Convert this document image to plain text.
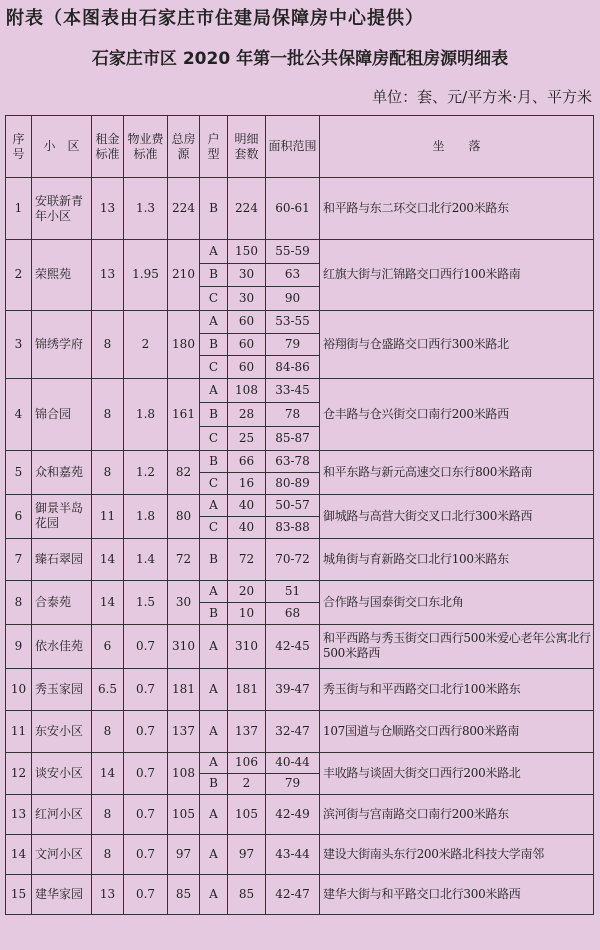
附表（本图表由石家庄市住建局保障房中心提供）
石家庄市区 2020 年第一批公共保障房配租房源明细表
单位：套、元/平方米·月、平方米
序号	小　区	租金标准	物业费标准	总房源	户型	明细套数	面积范围	坐　　落
1	安联新青年小区	13	1.3	224	B	224	60-61	和平路与东二环交口北行200米路东
2	荣熙苑	13	1.95	210	A	150	55-59	红旗大街与汇锦路交口西行100米路南
					B	30	63	
					C	30	90	
3	锦绣学府	8	2	180	A	60	53-55	裕翔街与仓盛路交口西行300米路北
					B	60	79	
					C	60	84-86	
4	锦合园	8	1.8	161	A	108	33-45	仓丰路与仓兴街交口南行200米路西
					B	28	78	
					C	25	85-87	
5	众和嘉苑	8	1.2	82	B	66	63-78	和平东路与新元高速交口东行800米路南
					C	16	80-89	
6	御景半岛花园	11	1.8	80	A	40	50-57	御城路与高营大街交叉口北行300米路西
					C	40	83-88	
7	臻石翠园	14	1.4	72	B	72	70-72	城角街与育新路交口北行100米路东
8	合泰苑	14	1.5	30	A	20	51	合作路与国泰街交口东北角
					B	10	68	
9	依水佳苑	6	0.7	310	A	310	42-45	和平西路与秀玉街交口西行500米爱心老年公寓北行500米路西
10	秀玉家园	6.5	0.7	181	A	181	39-47	秀玉街与和平西路交口北行100米路东
11	东安小区	8	0.7	137	A	137	32-47	107国道与仓顺路交口西行800米路南
12	谈安小区	14	0.7	108	A	106	40-44	丰收路与谈固大街交口西行200米路北
					B	2	79	
13	红河小区	8	0.7	105	A	105	42-49	滨河街与宫南路交口南行200米路东
14	文河小区	8	0.7	97	A	97	43-44	建设大街南头东行200米路北科技大学南邻
15	建华家园	13	0.7	85	A	85	42-47	建华大街与和平路交口北行300米路西
